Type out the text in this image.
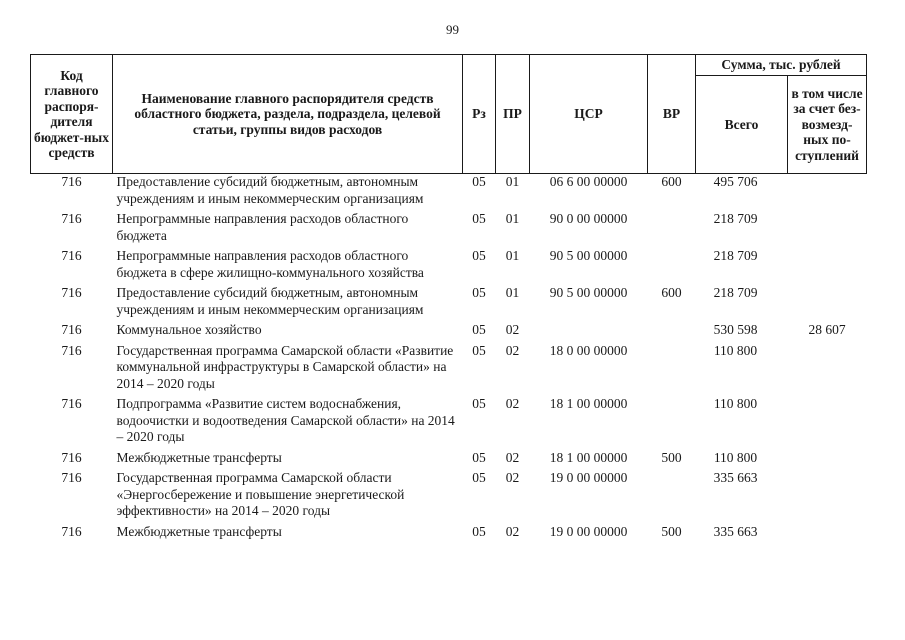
99
Код главного распоря-дителя бюджет-ных средств	Наименование главного распорядителя средств областного бюджета, раздела, подраздела, целевой статьи, группы видов расходов	Рз	ПР	ЦСР	ВР	Сумма, тыс. рублей	
						Всего	в том числе за счет без-возмезд-ных по-ступлений
716	Предоставление субсидий бюджетным, автономным учреждениям и иным некоммерческим организациям	05	01	06 6 00 00000	600	495 706	
716	Непрограммные направления расходов областного бюджета	05	01	90 0 00 00000		218 709	
716	Непрограммные направления расходов областного бюджета в сфере жилищно-коммунального хозяйства	05	01	90 5 00 00000		218 709	
716	Предоставление субсидий бюджетным, автономным учреждениям и иным некоммерческим организациям	05	01	90 5 00 00000	600	218 709	
716	Коммунальное хозяйство	05	02			530 598	28 607
716	Государственная программа Самарской области «Развитие коммунальной инфраструктуры в Самарской области» на 2014 – 2020 годы	05	02	18 0 00 00000		110 800	
716	Подпрограмма «Развитие систем водоснабжения, водоочистки и водоотведения Самарской области» на 2014 – 2020 годы	05	02	18 1 00 00000		110 800	
716	Межбюджетные трансферты	05	02	18 1 00 00000	500	110 800	
716	Государственная программа Самарской области «Энергосбережение и повышение энергетической эффективности» на 2014 – 2020 годы	05	02	19 0 00 00000		335 663	
716	Межбюджетные трансферты	05	02	19 0 00 00000	500	335 663	
